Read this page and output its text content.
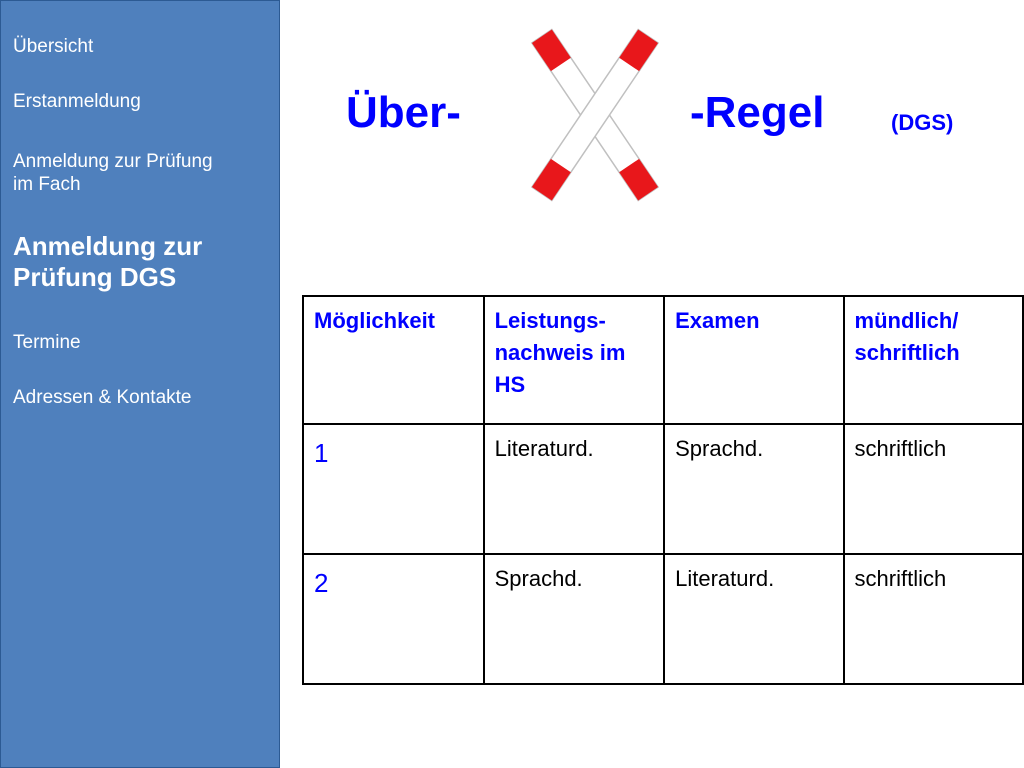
Übersicht
Erstanmeldung
Anmeldung zur Prüfung im Fach
Anmeldung zur Prüfung DGS
Termine
Adressen & Kontakte
Über-	-Regel	(DGS)
Möglichkeit	Leistungs-nachweis im HS	Examen	mündlich/ schriftlich
1	Literaturd.	Sprachd.	schriftlich
2	Sprachd.	Literaturd.	schriftlich
